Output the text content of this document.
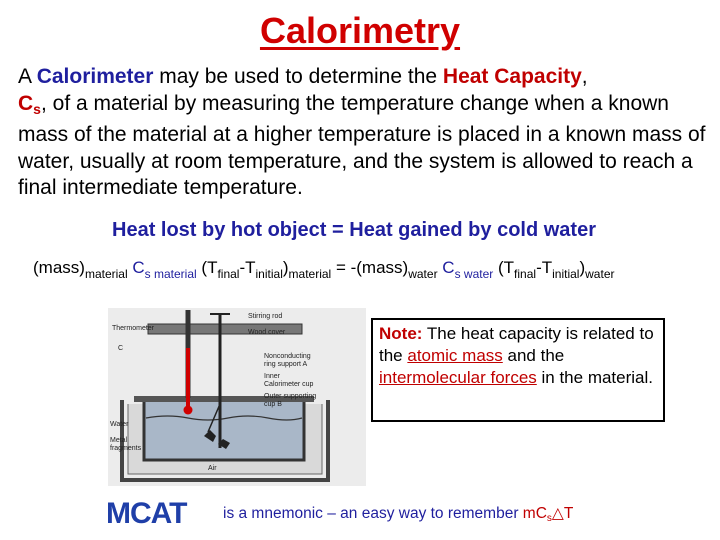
Calorimetry
A Calorimeter may be used to determine the Heat Capacity,
Cs, of a material by measuring the temperature change when a known mass of the material at a higher temperature is placed in a known mass of water, usually at room temperature, and the system is allowed to reach a final intermediate temperature.
Heat lost by hot object = Heat gained by cold water
$(mass)_{material}$ $C_{s material}$ $(T_{final}-T_{initial})_{material}$ = $-(mass)_{water}$ $C_{s water}$ $(T_{final}-T_{initial})_{water}$
Air
Stirring rod
Wood cover
Thermometer
C
Nonconducting
ring support A
Inner
Calorimeter cup
Outer supporting
cup B
Water
Metal
fragments
Note: The heat capacity is related to the atomic mass and the intermolecular forces in the material.
MCAT is a mnemonic – an easy way to remember $mC_s\triangle T$
